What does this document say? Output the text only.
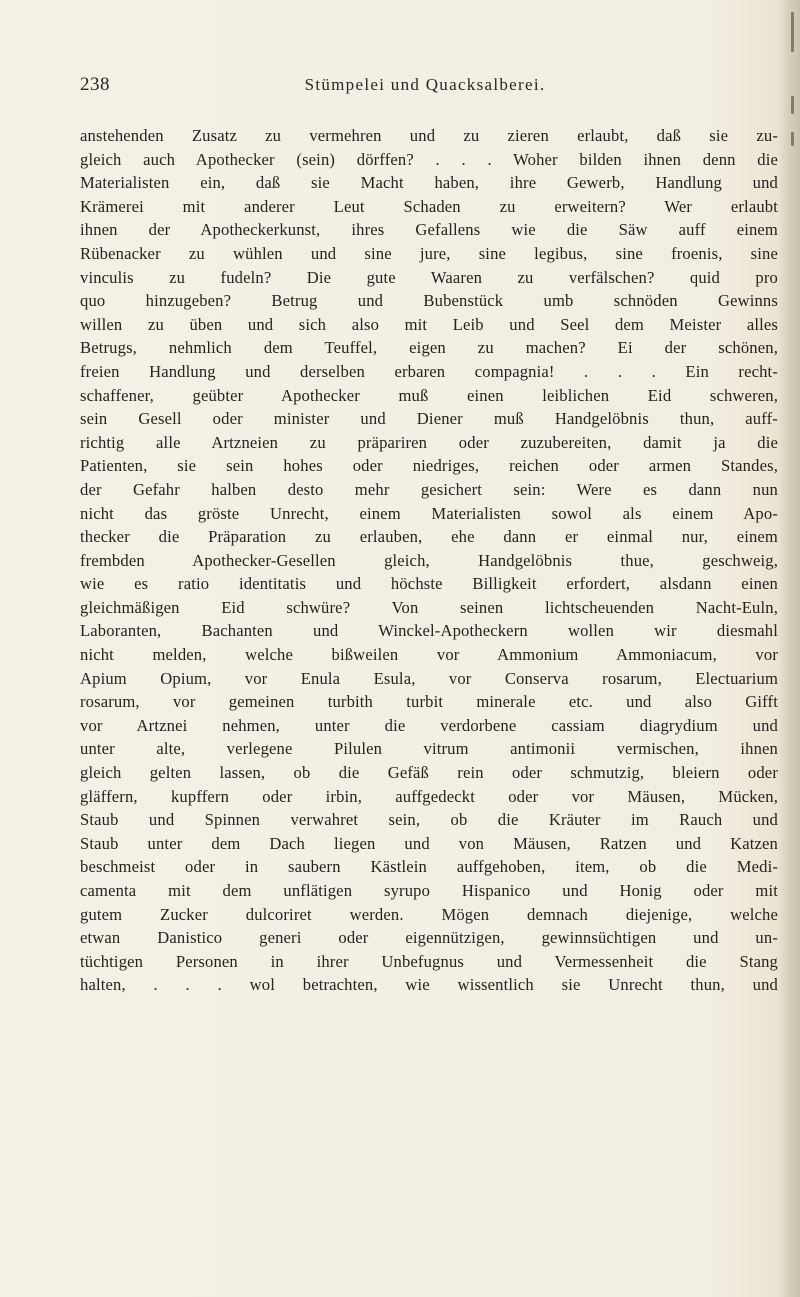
238	Stümpelei und Quacksalberei.
anstehenden Zusatz zu vermehren und zu zieren erlaubt, daß sie zu-
gleich auch Apothecker (sein) dörffen? . . . Woher bilden ihnen denn die
Materialisten ein, daß sie Macht haben, ihre Gewerb, Handlung und
Krämerei mit anderer Leut Schaden zu erweitern? Wer erlaubt
ihnen der Apotheckerkunst, ihres Gefallens wie die Säw auff einem
Rübenacker zu wühlen und sine jure, sine legibus, sine froenis, sine
vinculis zu fudeln? Die gute Waaren zu verfälschen? quid pro
quo hinzugeben? Betrug und Bubenstück umb schnöden Gewinns
willen zu üben und sich also mit Leib und Seel dem Meister alles
Betrugs, nehmlich dem Teuffel, eigen zu machen? Ei der schönen,
freien Handlung und derselben erbaren compagnia! . . . Ein recht-
schaffener, geübter Apothecker muß einen leiblichen Eid schweren,
sein Gesell oder minister und Diener muß Handgelöbnis thun, auff-
richtig alle Artzneien zu präpariren oder zuzubereiten, damit ja die
Patienten, sie sein hohes oder niedriges, reichen oder armen Standes,
der Gefahr halben desto mehr gesichert sein: Were es dann nun
nicht das gröste Unrecht, einem Materialisten sowol als einem Apo-
thecker die Präparation zu erlauben, ehe dann er einmal nur, einem
frembden Apothecker-Gesellen gleich, Handgelöbnis thue, geschweig,
wie es ratio identitatis und höchste Billigkeit erfordert, alsdann einen
gleichmäßigen Eid schwüre? Von seinen lichtscheuenden Nacht-Euln,
Laboranten, Bachanten und Winckel-Apotheckern wollen wir diesmahl
nicht melden, welche bißweilen vor Ammonium Ammoniacum, vor
Apium Opium, vor Enula Esula, vor Conserva rosarum, Electuarium
rosarum, vor gemeinen turbith turbit minerale etc. und also Gifft
vor Artznei nehmen, unter die verdorbene cassiam diagrydium und
unter alte, verlegene Pilulen vitrum antimonii vermischen, ihnen
gleich gelten lassen, ob die Gefäß rein oder schmutzig, bleiern oder
gläffern, kupffern oder irbin, auffgedeckt oder vor Mäusen, Mücken,
Staub und Spinnen verwahret sein, ob die Kräuter im Rauch und
Staub unter dem Dach liegen und von Mäusen, Ratzen und Katzen
beschmeist oder in saubern Kästlein auffgehoben, item, ob die Medi-
camenta mit dem unflätigen syrupo Hispanico und Honig oder mit
gutem Zucker dulcoriret werden. Mögen demnach diejenige, welche
etwan Danistico generi oder eigennützigen, gewinnsüchtigen und un-
tüchtigen Personen in ihrer Unbefugnus und Vermessenheit die Stang
halten, . . . wol betrachten, wie wissentlich sie Unrecht thun, und
